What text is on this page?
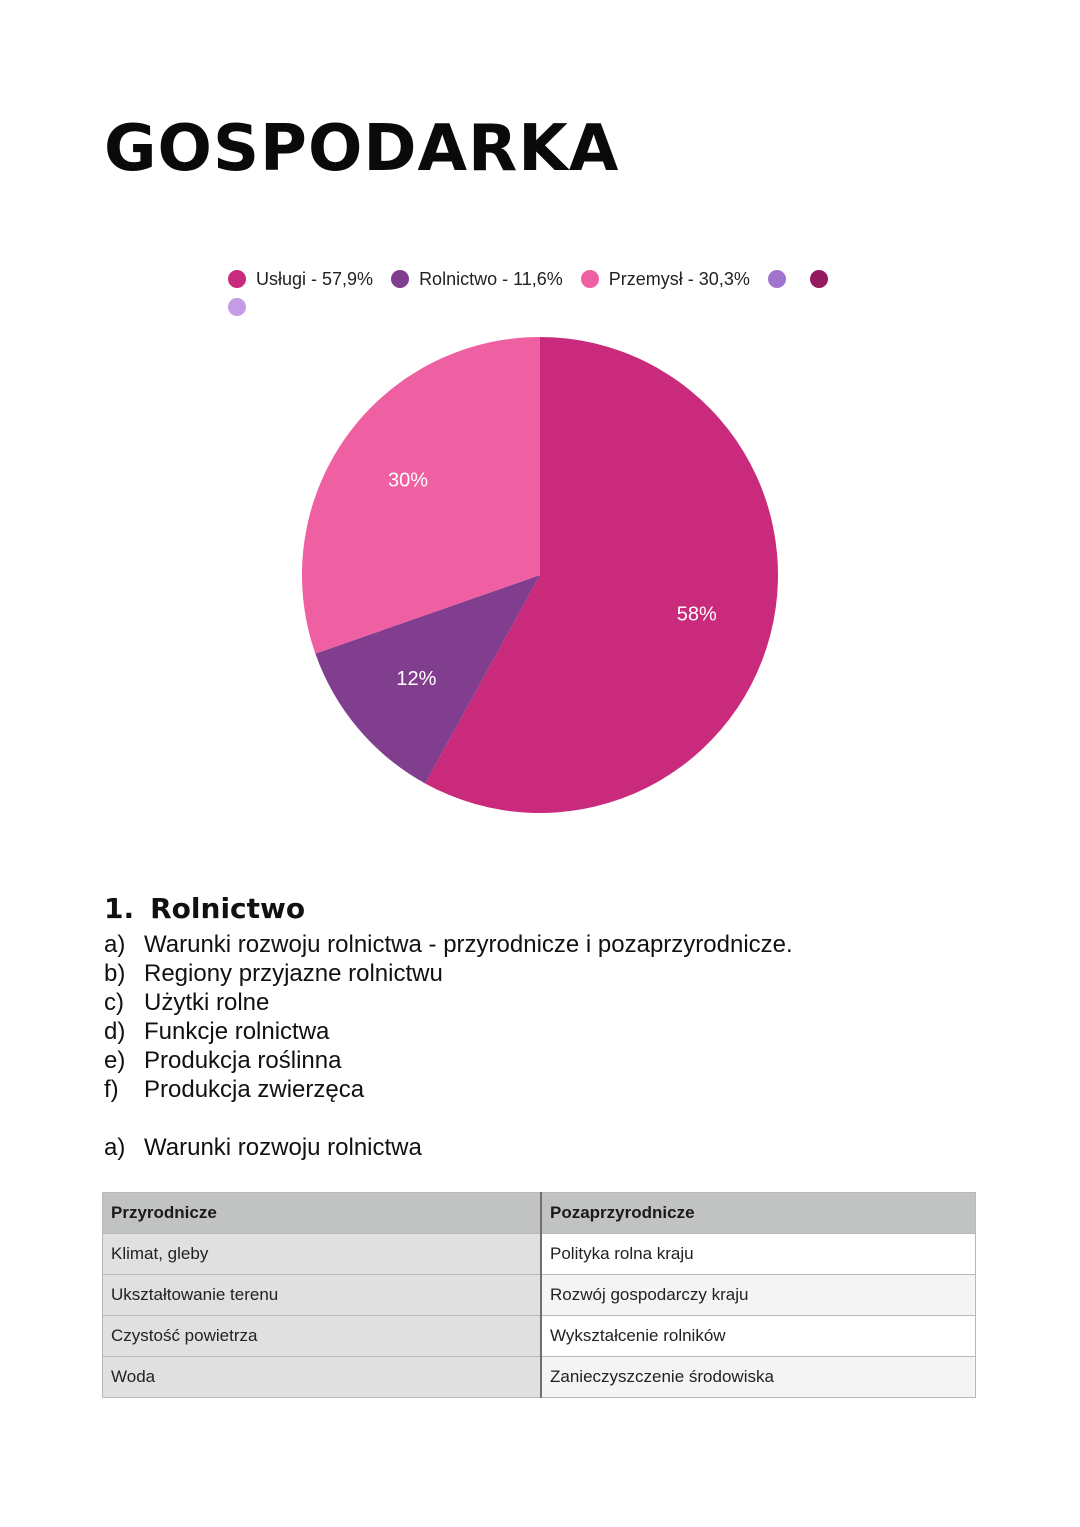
GOSPODARKA
Usługi - 57,9%	Rolnictwo - 11,6%	Przemysł - 30,3%
58%
12%
30%
1. Rolnictwo
a) Warunki rozwoju rolnictwa - przyrodnicze i pozaprzyrodnicze.
b) Regiony przyjazne rolnictwu
c) Użytki rolne
d) Funkcje rolnictwa
e) Produkcja roślinna
f)	Produkcja zwierzęca
a) Warunki rozwoju rolnictwa
Przyrodnicze	Pozaprzyrodnicze
Klimat, gleby	Polityka rolna kraju
Ukształtowanie terenu	Rozwój gospodarczy kraju
Czystość powietrza	Wykształcenie rolników
Woda	Zanieczyszczenie środowiska
